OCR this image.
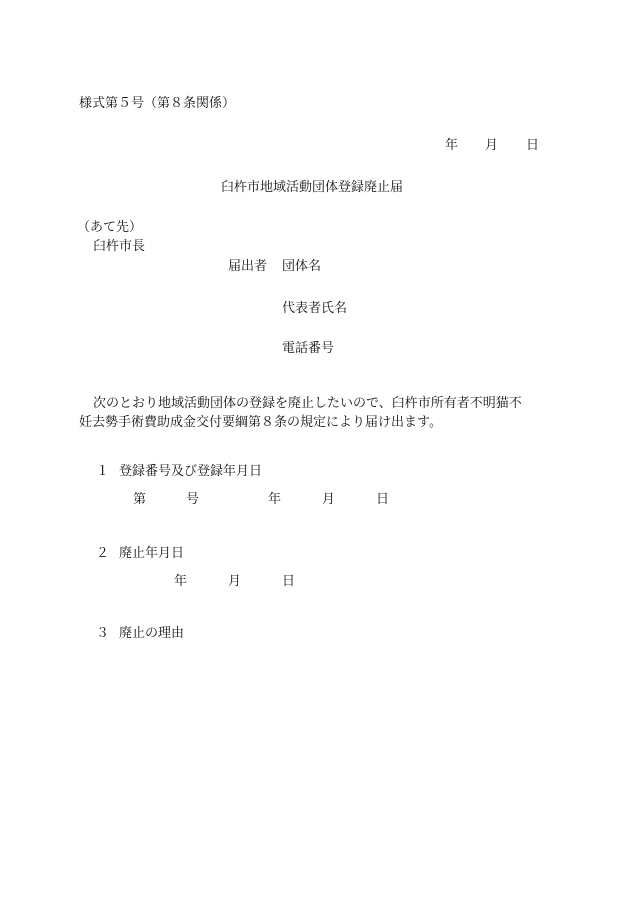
様式第５号（第８条関係）
年 月 日
臼杵市地域活動団体登録廃止届
（あて先）
臼杵市長
届出者 団体名
代表者氏名
電話番号
次のとおり地域活動団体の登録を廃止したいので、臼杵市所有者不明猫不
妊去勢手術費助成金交付要綱第８条の規定により届け出ます。
１ 登録番号及び登録年月日
第	号	年	月	日
２ 廃止年月日
年	月	日
３ 廃止の理由
